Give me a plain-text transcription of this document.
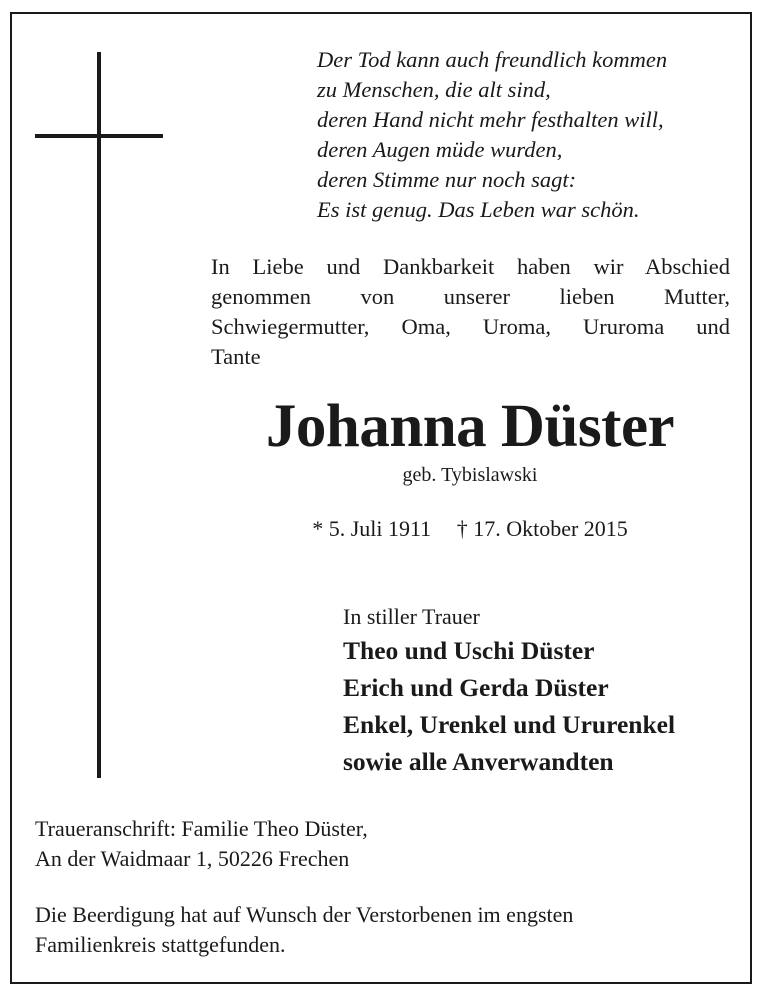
Der Tod kann auch freundlich kommen
zu Menschen, die alt sind,
deren Hand nicht mehr festhalten will,
deren Augen müde wurden,
deren Stimme nur noch sagt:
Es ist genug. Das Leben war schön.
In Liebe und Dankbarkeit haben wir Abschied
genommen von unserer lieben Mutter,
Schwiegermutter, Oma, Uroma, Ururoma und
Tante
Johanna Düster
geb. Tybislawski
* 5. Juli 1911 † 17. Oktober 2015
In stiller Trauer
Theo und Uschi Düster
Erich und Gerda Düster
Enkel, Urenkel und Ururenkel
sowie alle Anverwandten
Traueranschrift: Familie Theo Düster,
An der Waidmaar 1, 50226 Frechen
Die Beerdigung hat auf Wunsch der Verstorbenen im engsten
Familienkreis stattgefunden.
